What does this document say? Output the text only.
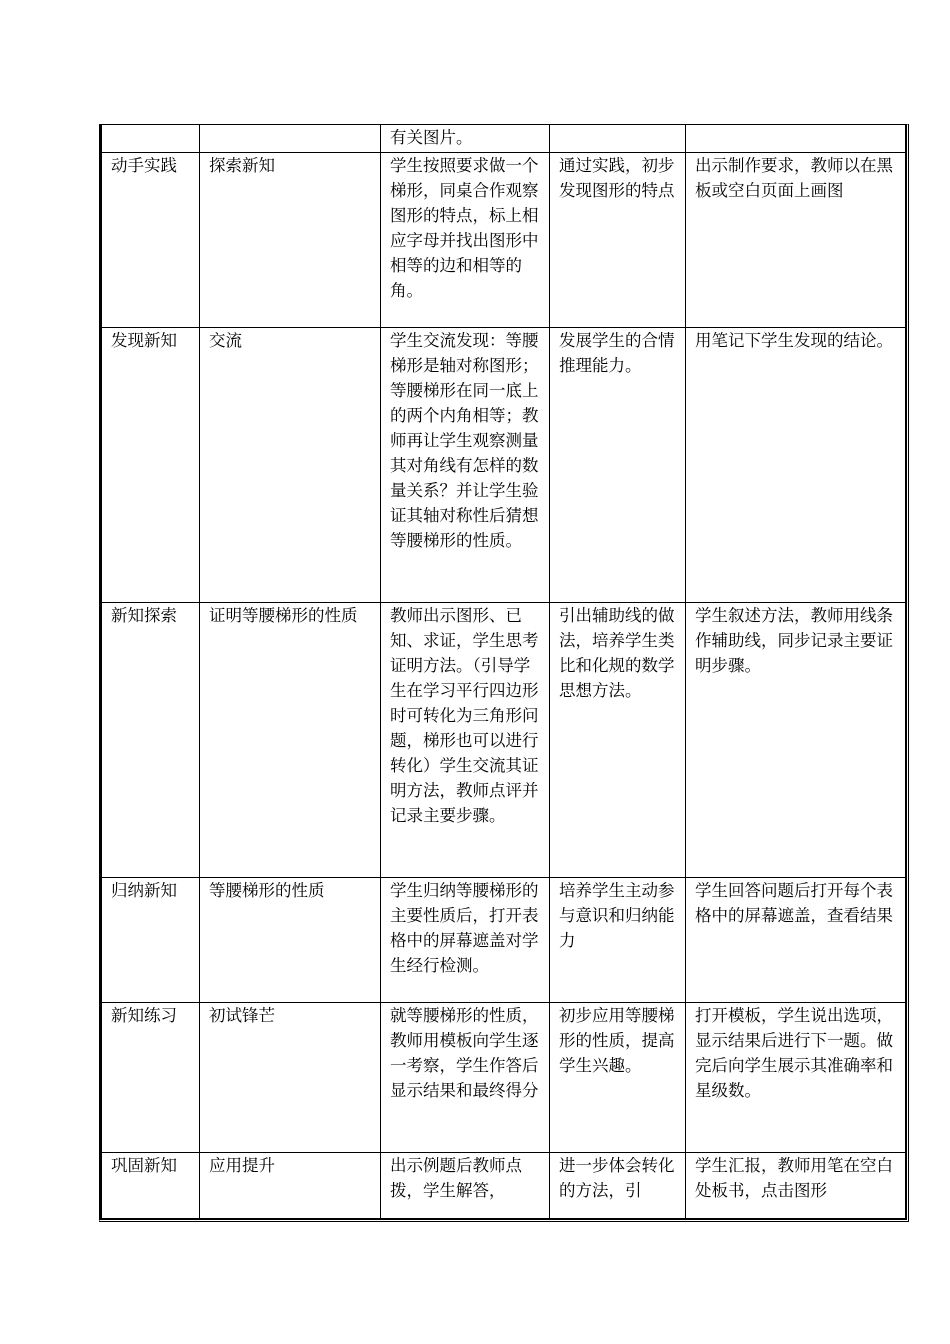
		有关图片。		

动手实践	探索新知	学生按照要求做一个梯形，同桌合作观察图形的特点，标上相应字母并找出图形中相等的边和相等的角。	通过实践，初步发现图形的特点	出示制作要求，教师以在黑板或空白页面上画图

发现新知	交流	学生交流发现：等腰梯形是轴对称图形；等腰梯形在同一底上的两个内角相等；教师再让学生观察测量其对角线有怎样的数量关系？并让学生验证其轴对称性后猜想等腰梯形的性质。	发展学生的合情推理能力。	用笔记下学生发现的结论。

新知探索	证明等腰梯形的性质	教师出示图形、已知、求证，学生思考证明方法。（引导学生在学习平行四边形时可转化为三角形问题，梯形也可以进行转化）学生交流其证明方法，教师点评并记录主要步骤。	引出辅助线的做法，培养学生类比和化规的数学思想方法。	学生叙述方法，教师用线条作辅助线，同步记录主要证明步骤。

归纳新知	等腰梯形的性质	学生归纳等腰梯形的主要性质后，打开表格中的屏幕遮盖对学生经行检测。	培养学生主动参与意识和归纳能力	学生回答问题后打开每个表格中的屏幕遮盖，查看结果

新知练习	初试锋芒	就等腰梯形的性质，教师用模板向学生逐一考察，学生作答后显示结果和最终得分	初步应用等腰梯形的性质，提高学生兴趣。	打开模板，学生说出选项，显示结果后进行下一题。做完后向学生展示其准确率和星级数。

巩固新知	应用提升	出示例题后教师点拨，学生解答，	进一步体会转化的方法，引	学生汇报，教师用笔在空白处板书，点击图形
